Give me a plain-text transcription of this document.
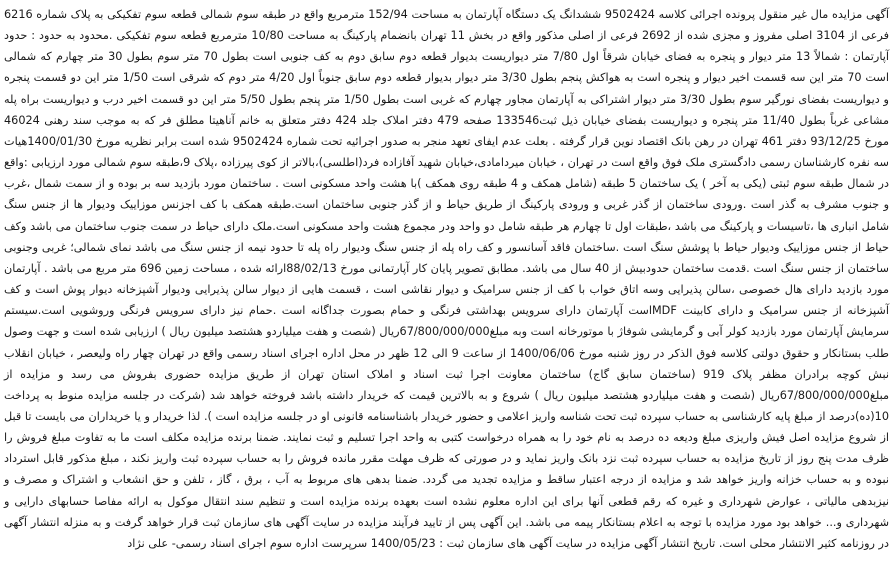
آگهی مزایده مال غیر منقول پرونده اجرائی کلاسه 9502424 ششدانگ یک دستگاه آپارتمان به مساحت 152/94 مترمربع واقع در طبقه سوم شمالی قطعه سوم تفکیکی به پلاک شماره 6216 فرعی از 3104 اصلی مفروز و مجزی شده از 2692 فرعی از اصلی مذکور واقع در بخش 11 تهران بانضمام پارکینگ به مساحت 10/80 مترمربع قطعه سوم تفکیکی .محدود به حدود : حدود آپارتمان : شمالاً 13 متر دیوار و پنجره به فضای خیابان شرقاً اول 7/80 متر دیواریست بدیوار قطعه دوم سابق دوم به کف جنوبی است بطول 70 متر سوم بطول 30 متر چهارم که شمالی است 70 متر این سه قسمت اخیر دیوار و پنجره است به هواکش پنجم بطول 3/30 متر دیوار بدیوار قطعه دوم سابق جنوباً اول 4/20 متر دوم که شرقی است 1/50 متر این دو قسمت پنجره و دیواریست بفضای نورگیر سوم بطول 3/30 متر دیوار اشتراکی به آپارتمان مجاور چهارم که غربی است بطول 1/50 متر پنجم بطول 5/50 متر این دو قسمت اخیر درب و دیواریست براه پله مشاعی غرباً بطول 11/40 متر پنجره و دیواریست بفضای خیابان ذیل ثبت133546 صفحه 479 دفتر املاک جلد 424 دفتر متعلق به خانم آناهیتا مطلق فر که به موجب سند رهنی 46024 مورخ 93/12/25 دفتر 461 تهران در رهن بانک اقتصاد نوین قرار گرفته . بعلت عدم ایفای تعهد منجر به صدور اجرائیه تحت شماره 9502424 شده است برابر نظریه مورخ 1400/01/30هیات سه نفره کارشناسان رسمی دادگستری ملک فوق واقع است در تهران ، خیابان میردامادی،خیابان شهید آفازاده فرد(اطلسی)،بالاتر از کوی پیرزاده ،پلاک 9،طبقه سوم شمالی مورد ارزیابی :واقع در شمال طبقه سوم ثبتی (یکی به آخر ) یک ساختمان 5 طبقه (شامل همکف و 4 طبقه روی همکف )با هشت واحد مسکونی است . ساختمان مورد بازدید سه بر بوده و از سمت شمال ،غرب و جنوب مشرف به گذر است .ورودی ساختمان از گذر غربی و ورودی پارکینگ از طریق حیاط و از گذر جنوبی ساختمان است.طبقه همکف با کف اجزنس موزاییک ودیوار ها از جنس سنگ شامل انباری ها ،تاسیسات و پارکینگ می باشد ،طبقات اول تا چهارم هر طبقه شامل دو واحد ودر مجموع هشت واحد مسکونی است.ملک دارای حیاط در سمت جنوب ساختمان می باشد وکف حیاط از جنس موزاییک ودیوار حیاط با پوشش سنگ است .ساختمان فاقد آسانسور و کف راه پله از جنس سنگ ودیوار راه پله تا حدود نیمه از جنس سنگ می باشد نمای شمالی؛ غربی وجنوبی ساختمان از جنس سنگ است .قدمت ساختمان حدودبیش از 40 سال می باشد. مطابق تصویر پایان کار آپارتمانی مورخ 88/02/13ارائه شده ، مساحت زمین 696 متر مربع می باشد . آپارتمان مورد بازدید دارای هال خصوصی ،سالن پذیرایی وسه اتاق خواب با کف از جنس سرامیک و دیوار نقاشی است ، قسمت هایی از دیوار سالن پذیرایی ودیوار آشپزخانه دیوار پوش است و کف آشپزخانه از جنس سرامیک و دارای کابینت MDFاست آپارتمان دارای سرویس بهداشتی فرنگی و حمام بصورت جداگانه است .حمام نیز دارای سرویس فرنگی وروشویی است.سیستم سرمایش آپارتمان مورد بازدید کولر آبی و گرمایشی شوفاژ با موتورخانه است وبه مبلغ67/800/000/000ریال (شصت و هفت میلیاردو هشتصد میلیون ریال ) ارزیابی شده است و جهت وصول طلب بستانکار و حقوق دولتی کلاسه فوق الذکر در روز شنبه مورخ 1400/06/06 از ساعت 9 الی 12 ظهر در محل اداره اجرای اسناد رسمی واقع در تهران چهار راه ولیعصر ، خیابان انقلاب نبش کوچه برادران مظفر پلاک 919 (ساختمان سابق گاج) ساختمان معاونت اجرا ثبت اسناد و املاک استان تهران از طریق مزایده حضوری بفروش می رسد و مزایده از مبلغ67/800/000/000ریال (شصت و هفت میلیاردو هشتصد میلیون ریال ) شروع و به بالاترین قیمت که خریدار داشته باشد فروخته خواهد شد (شرکت در جلسه مزایده منوط به پرداخت 10(ده)درصد از مبلغ پایه کارشناسی به حساب سپرده ثبت تحت شناسه واریز اعلامی و حضور خریدار باشناسنامه قانونی او در جلسه مزایده است ). لذا خریدار و یا خریداران می بایست تا قبل از شروع مزایده اصل فیش واریزی مبلغ ودیعه ده درصد به نام خود را به همراه درخواست کتبی به واحد اجرا تسلیم و ثبت نمایند. ضمنا برنده مزایده مکلف است ما به تفاوت مبلغ فروش را ظرف مدت پنج روز از تاریخ مزایده به حساب سپرده ثبت نزد بانک واریز نماید و در صورتی که ظرف مهلت مقرر مانده فروش را به حساب سپرده ثبت واریز نکند ، مبلغ مذکور قابل استرداد نبوده و به حساب خزانه واریز خواهد شد و مزایده از درجه اعتبار ساقط و مزایده تجدید می گردد. ضمنا بدهی های مربوط به آب ، برق ، گاز ، تلفن و حق انشعاب و اشتراک و مصرف و نیزبدهی مالیاتی ، عوارض شهرداری و غیره که رقم قطعی آنها برای این اداره معلوم نشده است بعهده برنده مزایده است و تنظیم سند انتقال موکول به ارائه مفاصا حسابهای دارایی و شهرداری و... خواهد بود مورد مزایده با توجه به اعلام بستانکار پیمه می باشد. این آگهی پس از تایید فرآیند مزایده در سایت آگهی های سازمان ثبت قرار خواهد گرفت و به منزله انتشار آگهی در روزنامه کثیر الانتشار محلی است. تاریخ انتشار آگهی مزایده در سایت آگهی های سازمان ثبت : 1400/05/23 سرپرست اداره سوم اجرای اسناد رسمی- علی نژاد
